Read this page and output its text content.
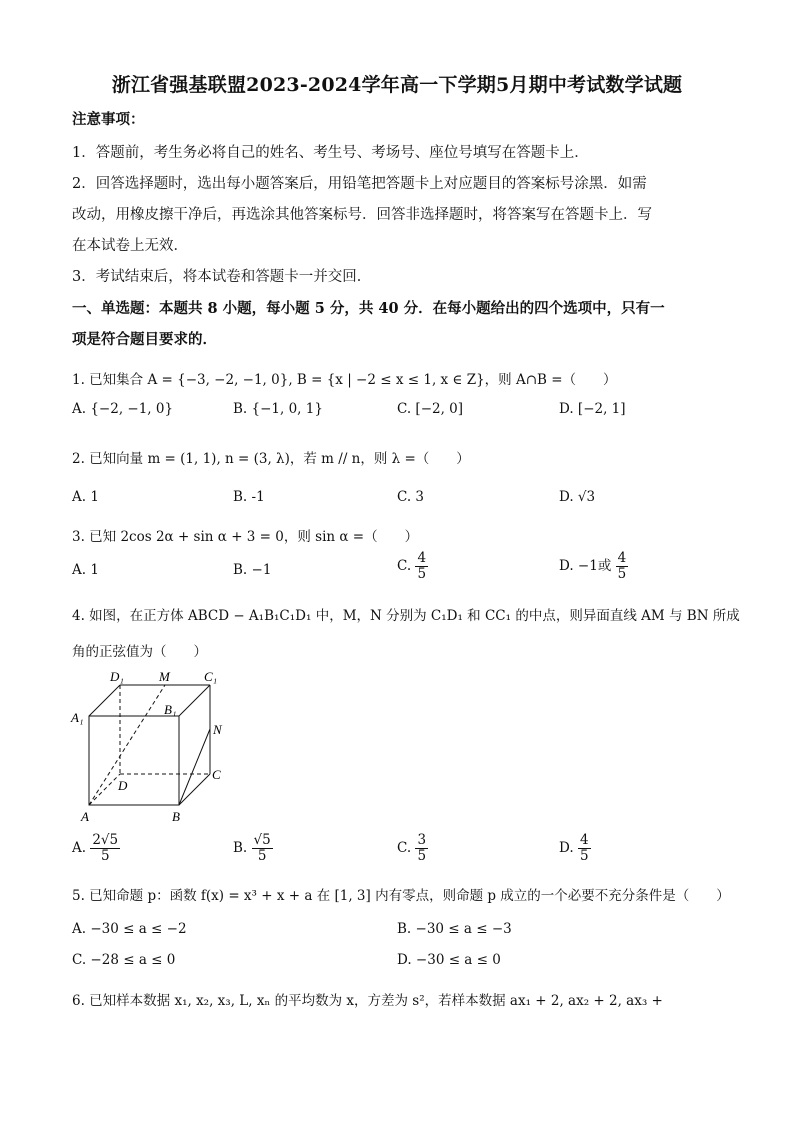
浙江省强基联盟2023-2024学年高一下学期5月期中考试数学试题
注意事项：
1．答题前，考生务必将自己的姓名、考生号、考场号、座位号填写在答题卡上．
2．回答选择题时，选出每小题答案后，用铅笔把答题卡上对应题目的答案标号涂黑．如需
改动，用橡皮擦干净后，再选涂其他答案标号．回答非选择题时，将答案写在答题卡上．写
在本试卷上无效．
3．考试结束后，将本试卷和答题卡一并交回．
一、单选题：本题共 8 小题，每小题 5 分，共 40 分．在每小题给出的四个选项中，只有一
项是符合题目要求的．
1. 已知集合 A = {−3, −2, −1, 0}, B = {x | −2 ≤ x ≤ 1, x ∈ Z}，则 A∩B =（　　）
A. {−2, −1, 0}	B. {−1, 0, 1}	C. [−2, 0]	D. [−2, 1]
2. 已知向量 m = (1, 1), n = (3, λ)，若 m // n，则 λ =（　　）
A. 1	B. -1	C. 3	D. √3
3. 已知 2cos 2α + sin α + 3 = 0，则 sin α =（　　）
A. 1	B. −1	C. $\frac{4}{5}$	D. −1或 $\frac{4}{5}$
4. 如图，在正方体 ABCD − A₁B₁C₁D₁ 中，M，N 分别为 C₁D₁ 和 CC₁ 的中点，则异面直线 AM 与 BN 所成
角的正弦值为（　　）
D₁	M	C₁
A₁
B₁
N
C
D
A	B
A. $\frac{2√5}{5}$	B. $\frac{√5}{5}$	C. $\frac{3}{5}$	D. $\frac{4}{5}$
5. 已知命题 p：函数 f(x) = x³ + x + a 在 [1, 3] 内有零点，则命题 p 成立的一个必要不充分条件是（　　）
A. −30 ≤ a ≤ −2	B. −30 ≤ a ≤ −3
C. −28 ≤ a ≤ 0	D. −30 ≤ a ≤ 0
6. 已知样本数据 x₁, x₂, x₃, L, xₙ 的平均数为 x，方差为 s²，若样本数据 ax₁ + 2, ax₂ + 2, ax₃ +
